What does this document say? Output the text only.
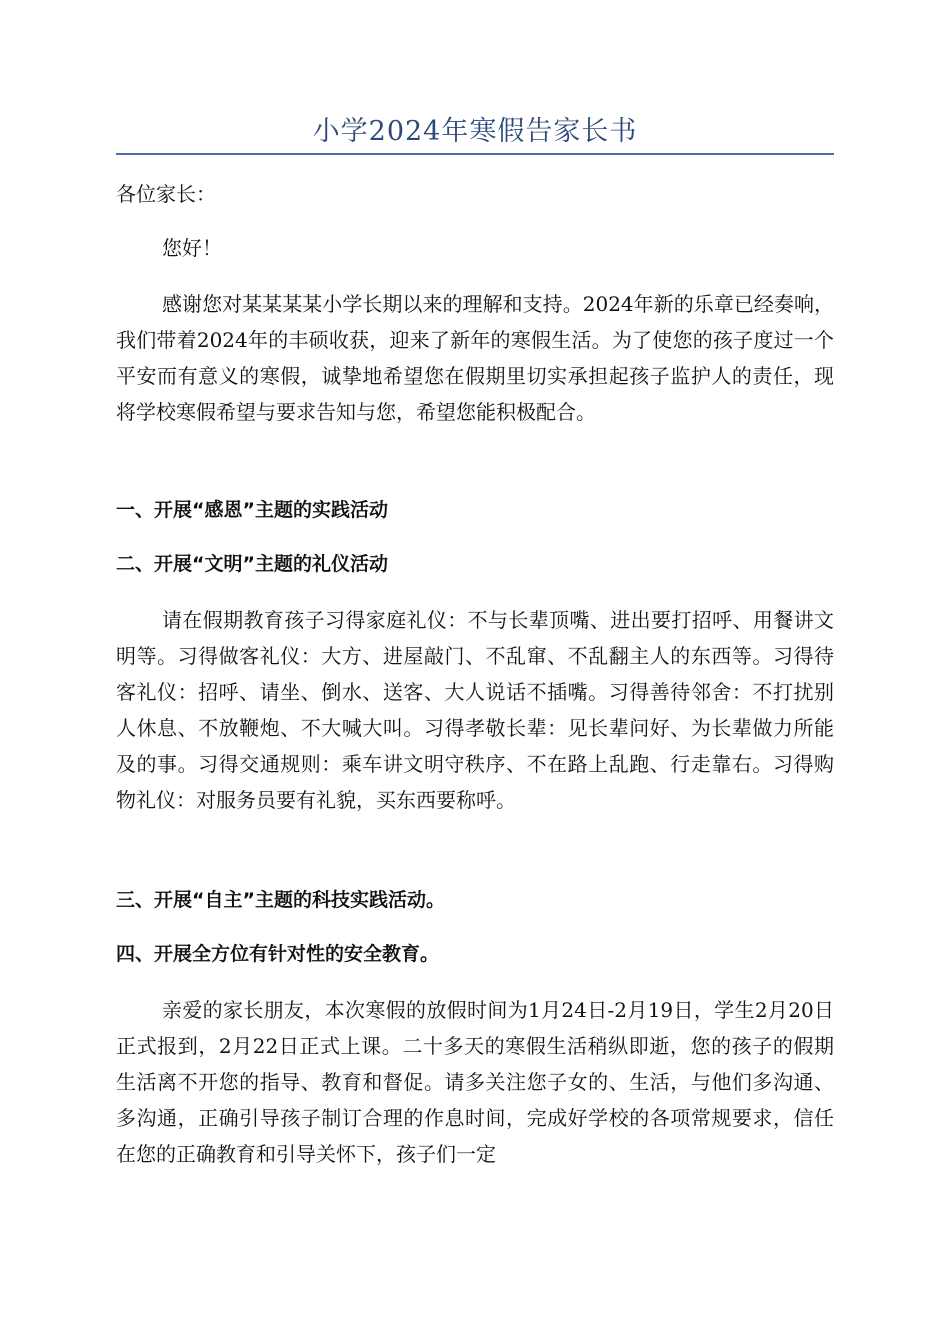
小学2024年寒假告家长书

各位家长：

您好！

感谢您对某某某某小学长期以来的理解和支持。2024年新的乐章已经奏响，我们带着2024年的丰硕收获，迎来了新年的寒假生活。为了使您的孩子度过一个平安而有意义的寒假，诚挚地希望您在假期里切实承担起孩子监护人的责任，现将学校寒假希望与要求告知与您，希望您能积极配合。

一、开展“感恩”主题的实践活动

二、开展“文明”主题的礼仪活动

请在假期教育孩子习得家庭礼仪：不与长辈顶嘴、进出要打招呼、用餐讲文明等。习得做客礼仪：大方、进屋敲门、不乱窜、不乱翻主人的东西等。习得待客礼仪：招呼、请坐、倒水、送客、大人说话不插嘴。习得善待邻舍：不打扰别人休息、不放鞭炮、不大喊大叫。习得孝敬长辈：见长辈问好、为长辈做力所能及的事。习得交通规则：乘车讲文明守秩序、不在路上乱跑、行走靠右。习得购物礼仪：对服务员要有礼貌，买东西要称呼。

三、开展“自主”主题的科技实践活动。

四、开展全方位有针对性的安全教育。

亲爱的家长朋友，本次寒假的放假时间为1月24日-2月19日，学生2月20日正式报到，2月22日正式上课。二十多天的寒假生活稍纵即逝，您的孩子的假期生活离不开您的指导、教育和督促。请多关注您子女的、生活，与他们多沟通、多沟通，正确引导孩子制订合理的作息时间，完成好学校的各项常规要求，信任在您的正确教育和引导关怀下，孩子们一定
